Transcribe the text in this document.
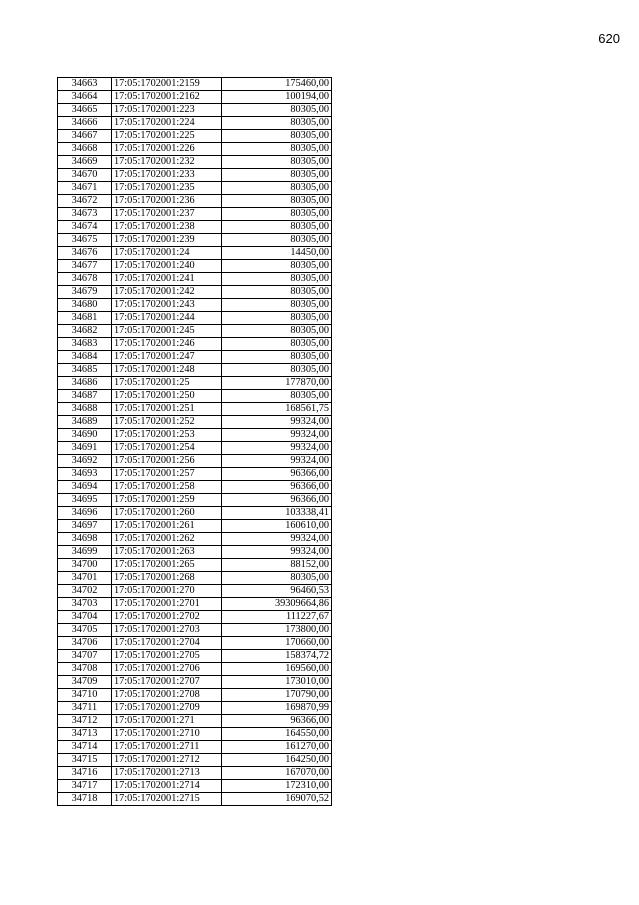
620
34663	17:05:1702001:2159	175460,00
34664	17:05:1702001:2162	100194,00
34665	17:05:1702001:223	80305,00
34666	17:05:1702001:224	80305,00
34667	17:05:1702001:225	80305,00
34668	17:05:1702001:226	80305,00
34669	17:05:1702001:232	80305,00
34670	17:05:1702001:233	80305,00
34671	17:05:1702001:235	80305,00
34672	17:05:1702001:236	80305,00
34673	17:05:1702001:237	80305,00
34674	17:05:1702001:238	80305,00
34675	17:05:1702001:239	80305,00
34676	17:05:1702001:24	14450,00
34677	17:05:1702001:240	80305,00
34678	17:05:1702001:241	80305,00
34679	17:05:1702001:242	80305,00
34680	17:05:1702001:243	80305,00
34681	17:05:1702001:244	80305,00
34682	17:05:1702001:245	80305,00
34683	17:05:1702001:246	80305,00
34684	17:05:1702001:247	80305,00
34685	17:05:1702001:248	80305,00
34686	17:05:1702001:25	177870,00
34687	17:05:1702001:250	80305,00
34688	17:05:1702001:251	168561,75
34689	17:05:1702001:252	99324,00
34690	17:05:1702001:253	99324,00
34691	17:05:1702001:254	99324,00
34692	17:05:1702001:256	99324,00
34693	17:05:1702001:257	96366,00
34694	17:05:1702001:258	96366,00
34695	17:05:1702001:259	96366,00
34696	17:05:1702001:260	103338,41
34697	17:05:1702001:261	160610,00
34698	17:05:1702001:262	99324,00
34699	17:05:1702001:263	99324,00
34700	17:05:1702001:265	88152,00
34701	17:05:1702001:268	80305,00
34702	17:05:1702001:270	96460,53
34703	17:05:1702001:2701	39309664,86
34704	17:05:1702001:2702	111227,67
34705	17:05:1702001:2703	173800,00
34706	17:05:1702001:2704	170660,00
34707	17:05:1702001:2705	158374,72
34708	17:05:1702001:2706	169560,00
34709	17:05:1702001:2707	173010,00
34710	17:05:1702001:2708	170790,00
34711	17:05:1702001:2709	169870,99
34712	17:05:1702001:271	96366,00
34713	17:05:1702001:2710	164550,00
34714	17:05:1702001:2711	161270,00
34715	17:05:1702001:2712	164250,00
34716	17:05:1702001:2713	167070,00
34717	17:05:1702001:2714	172310,00
34718	17:05:1702001:2715	169070,52
